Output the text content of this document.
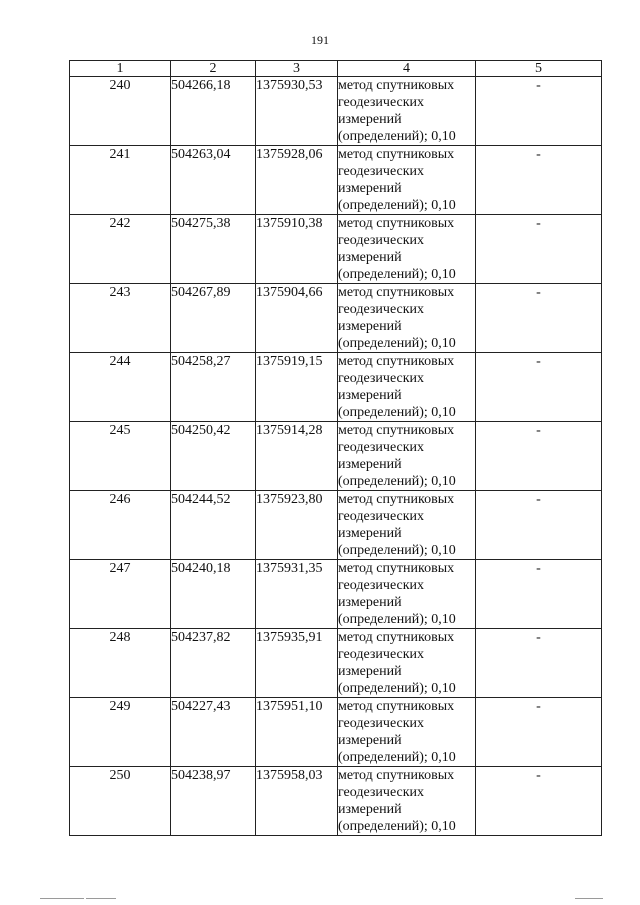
191
1	2	3	4	5
240	504266,18	1375930,53	метод спутниковых геодезических измерений (определений); 0,10	-
241	504263,04	1375928,06	метод спутниковых геодезических измерений (определений); 0,10	-
242	504275,38	1375910,38	метод спутниковых геодезических измерений (определений); 0,10	-
243	504267,89	1375904,66	метод спутниковых геодезических измерений (определений); 0,10	-
244	504258,27	1375919,15	метод спутниковых геодезических измерений (определений); 0,10	-
245	504250,42	1375914,28	метод спутниковых геодезических измерений (определений); 0,10	-
246	504244,52	1375923,80	метод спутниковых геодезических измерений (определений); 0,10	-
247	504240,18	1375931,35	метод спутниковых геодезических измерений (определений); 0,10	-
248	504237,82	1375935,91	метод спутниковых геодезических измерений (определений); 0,10	-
249	504227,43	1375951,10	метод спутниковых геодезических измерений (определений); 0,10	-
250	504238,97	1375958,03	метод спутниковых геодезических измерений (определений); 0,10	-
